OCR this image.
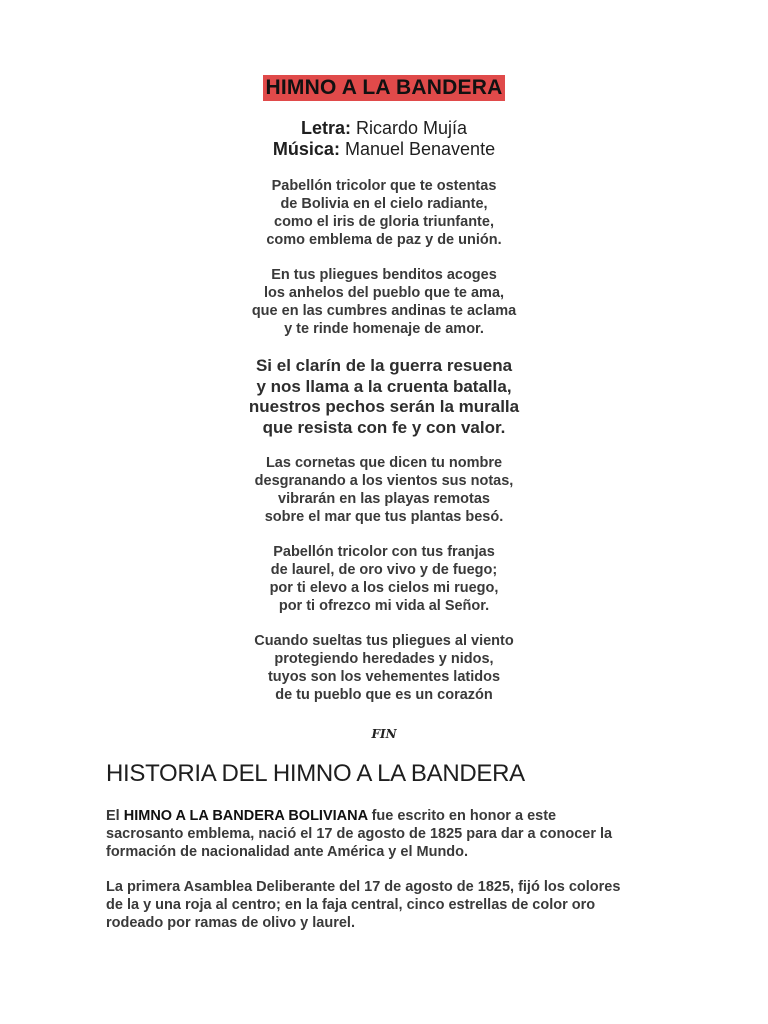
HIMNO A LA BANDERA
Letra: Ricardo Mujía
Música: Manuel Benavente
Pabellón tricolor que te ostentas
de Bolivia en el cielo radiante,
como el iris de gloria triunfante,
como emblema de paz y de unión.
En tus pliegues benditos acoges
los anhelos del pueblo que te ama,
que en las cumbres andinas te aclama
y te rinde homenaje de amor.
Si el clarín de la guerra resuena
y nos llama a la cruenta batalla,
nuestros pechos serán la muralla
que resista con fe y con valor.
Las cornetas que dicen tu nombre
desgranando a los vientos sus notas,
vibrarán en las playas remotas
sobre el mar que tus plantas besó.
Pabellón tricolor con tus franjas
de laurel, de oro vivo y de fuego;
por ti elevo a los cielos mi ruego,
por ti ofrezco mi vida al Señor.
Cuando sueltas tus pliegues al viento
protegiendo heredades y nidos,
tuyos son los vehementes latidos
de tu pueblo que es un corazón
FIN
HISTORIA DEL HIMNO A LA BANDERA
El HIMNO A LA BANDERA BOLIVIANA fue escrito en honor a este
sacrosanto emblema, nació el 17 de agosto de 1825 para dar a conocer la
formación de nacionalidad ante América y el Mundo.
La primera Asamblea Deliberante del 17 de agosto de 1825, fijó los colores
de la y una roja al centro; en la faja central, cinco estrellas de color oro
rodeado por ramas de olivo y laurel.
